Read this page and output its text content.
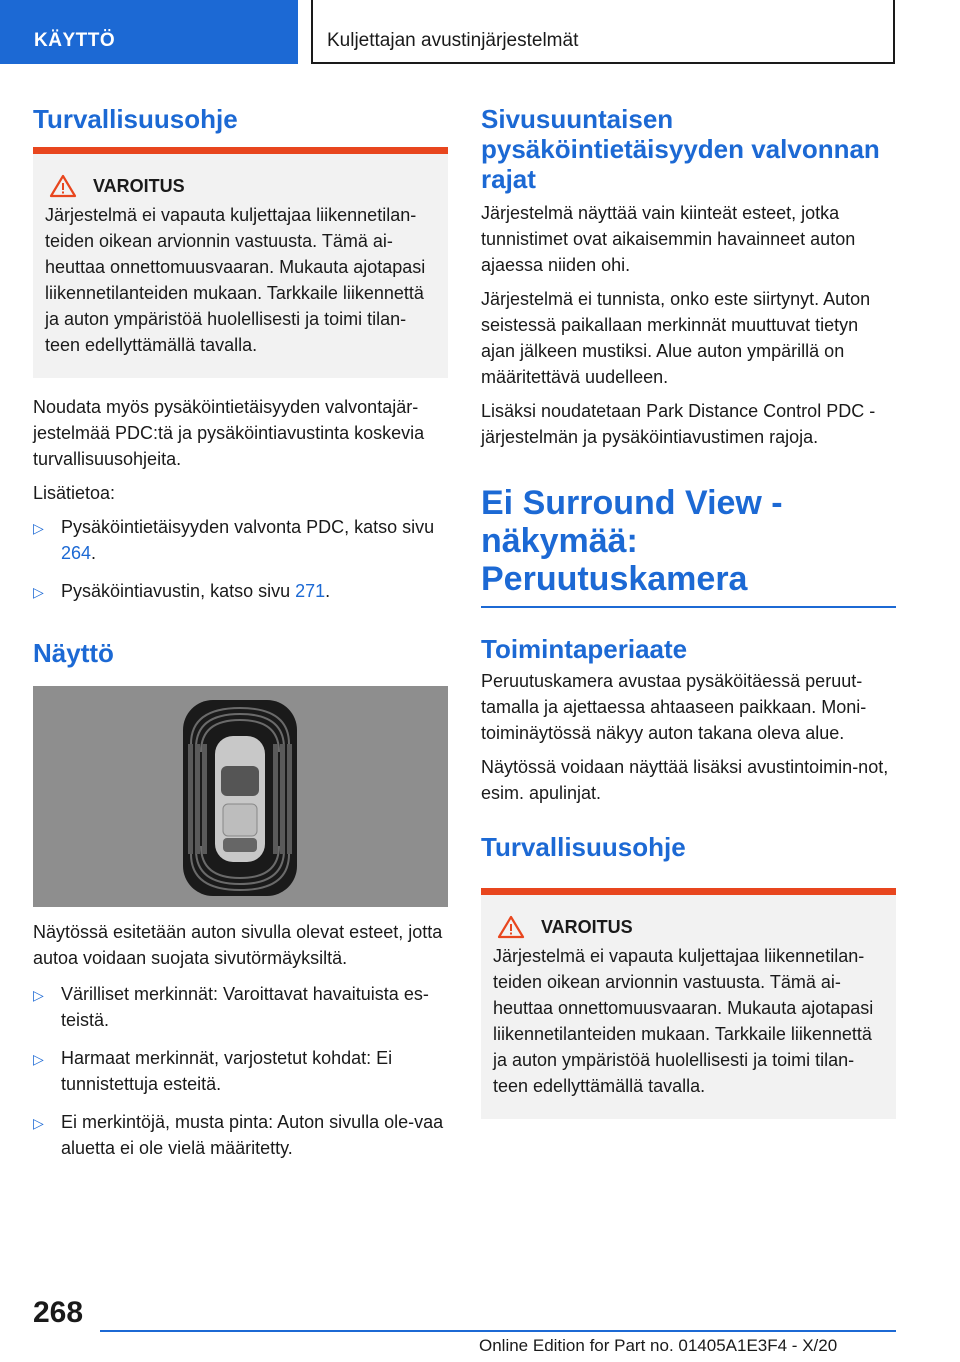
KÄYTTÖ	Kuljettajan avustinjärjestelmät
Turvallisuusohje
VAROITUS

Järjestelmä ei vapauta kuljettajaa liikennetilan-teiden oikean arvionnin vastuusta. Tämä ai-heuttaa onnettomuusvaaran. Mukauta ajotapasi liikennetilanteiden mukaan. Tarkkaile liikennettä ja auton ympäristöä huolellisesti ja toimi tilan-teen edellyttämällä tavalla.

Noudata myös pysäköintietäisyyden valvontajär-jestelmää PDC:tä ja pysäköintiavustinta koskevia turvallisuusohjeita.

Lisätietoa:

▷ Pysäköintietäisyyden valvonta PDC, katso sivu 264.
▷ Pysäköintiavustin, katso sivu 271.
Näyttö

Näytössä esitetään auton sivulla olevat esteet, jotta autoa voidaan suojata sivutörmäyksiltä.

▷ Värilliset merkinnät: Varoittavat havaituista es-teistä.
▷ Harmaat merkinnät, varjostetut kohdat: Ei tunnistettuja esteitä.
▷ Ei merkintöjä, musta pinta: Auton sivulla ole-vaa aluetta ei ole vielä määritetty.
Sivusuuntaisen pysäköintietäisyyden valvonnan rajat

Järjestelmä näyttää vain kiinteät esteet, jotka tunnistimet ovat aikaisemmin havainneet auton ajaessa niiden ohi.

Järjestelmä ei tunnista, onko este siirtynyt. Auton seistessä paikallaan merkinnät muuttuvat tietyn ajan jälkeen mustiksi. Alue auton ympärillä on määritettävä uudelleen.

Lisäksi noudatetaan Park Distance Control PDC -järjestelmän ja pysäköintiavustimen rajoja.

Ei Surround View -näkymää: Peruutuskamera
Toimintaperiaate

Peruutuskamera avustaa pysäköitäessä peruut-tamalla ja ajettaessa ahtaaseen paikkaan. Moni-toiminäytössä näkyy auton takana oleva alue.

Näytössä voidaan näyttää lisäksi avustintoimin-not, esim. apulinjat.

Turvallisuusohje
VAROITUS

Järjestelmä ei vapauta kuljettajaa liikennetilan-teiden oikean arvionnin vastuusta. Tämä ai-heuttaa onnettomuusvaaran. Mukauta ajotapasi liikennetilanteiden mukaan. Tarkkaile liikennettä ja auton ympäristöä huolellisesti ja toimi tilan-teen edellyttämällä tavalla.

268
Online Edition for Part no. 01405A1E3F4 - X/20
